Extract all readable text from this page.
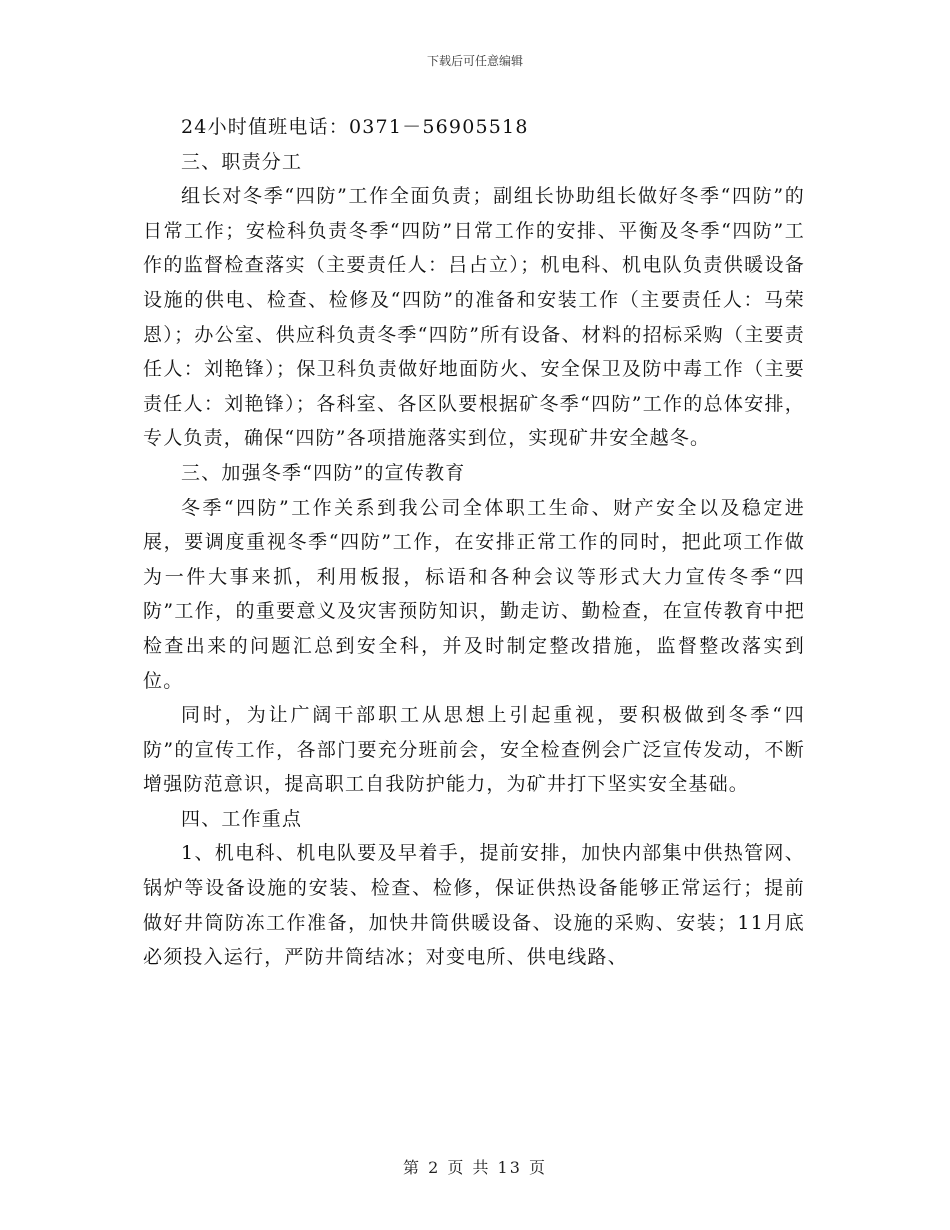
下载后可任意编辑

24小时值班电话：0371－56905518

三、职责分工

组长对冬季“四防”工作全面负责；副组长协助组长做好冬季“四防”的日常工作；安检科负责冬季“四防”日常工作的安排、平衡及冬季“四防”工作的监督检查落实（主要责任人：吕占立）；机电科、机电队负责供暖设备设施的供电、检查、检修及“四防”的准备和安装工作（主要责任人：马荣恩）；办公室、供应科负责冬季“四防”所有设备、材料的招标采购（主要责任人：刘艳锋）；保卫科负责做好地面防火、安全保卫及防中毒工作（主要责任人：刘艳锋）；各科室、各区队要根据矿冬季“四防”工作的总体安排，专人负责，确保“四防”各项措施落实到位，实现矿井安全越冬。

三、加强冬季“四防”的宣传教育

冬季“四防”工作关系到我公司全体职工生命、财产安全以及稳定进展，要调度重视冬季“四防”工作，在安排正常工作的同时，把此项工作做为一件大事来抓，利用板报，标语和各种会议等形式大力宣传冬季“四防”工作，的重要意义及灾害预防知识，勤走访、勤检查，在宣传教育中把检查出来的问题汇总到安全科，并及时制定整改措施，监督整改落实到位。

同时，为让广阔干部职工从思想上引起重视，要积极做到冬季“四防”的宣传工作，各部门要充分班前会，安全检查例会广泛宣传发动，不断增强防范意识，提高职工自我防护能力，为矿井打下坚实安全基础。

四、工作重点

1、机电科、机电队要及早着手，提前安排，加快内部集中供热管网、锅炉等设备设施的安装、检查、检修，保证供热设备能够正常运行；提前做好井筒防冻工作准备，加快井筒供暖设备、设施的采购、安装；11月底必须投入运行，严防井筒结冰；对变电所、供电线路、

第 2 页 共 13 页
